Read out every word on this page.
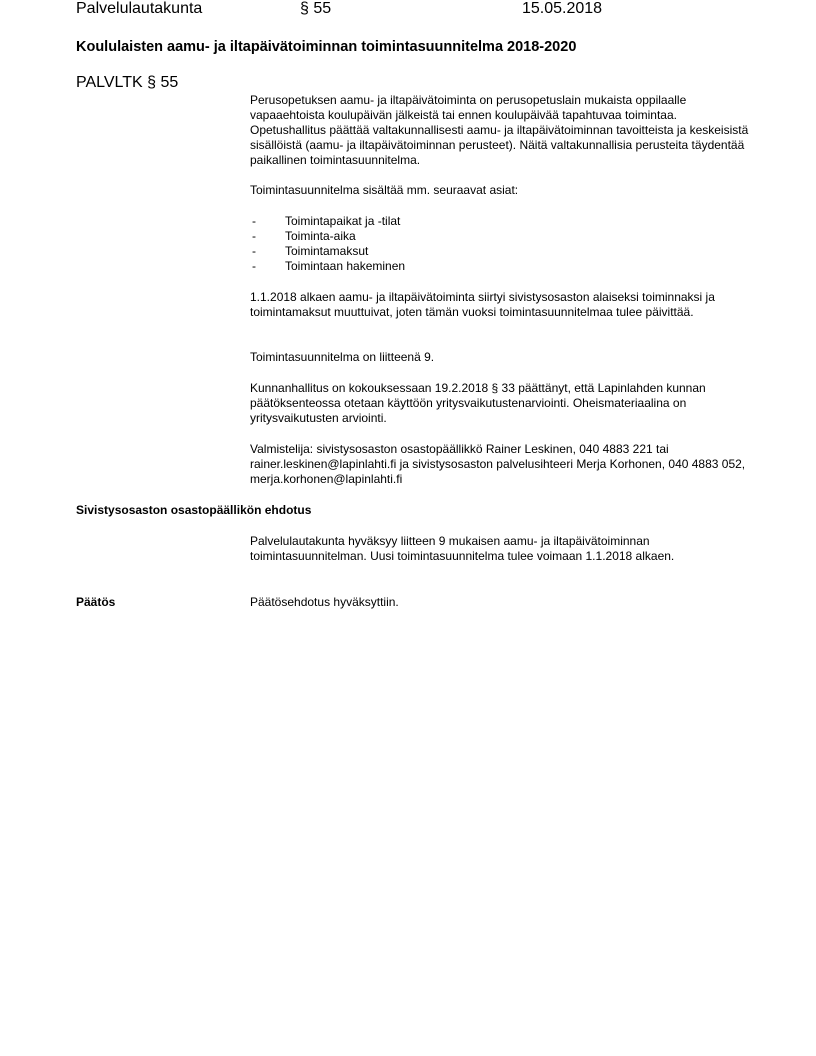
Palvelulautakunta	§ 55	15.05.2018
Koululaisten aamu- ja iltapäivätoiminnan toimintasuunnitelma 2018-2020
PALVLTK § 55

Perusopetuksen aamu- ja iltapäivätoiminta on perusopetuslain mukaista oppilaalle vapaaehtoista koulupäivän jälkeistä tai ennen koulupäivää tapahtuvaa toimintaa. Opetushallitus päättää valtakunnallisesti aamu- ja iltapäivätoiminnan tavoitteista ja keskeisistä sisällöistä (aamu- ja iltapäivätoiminnan perusteet). Näitä valtakunnallisia perusteita täydentää paikallinen toimintasuunnitelma.

Toimintasuunnitelma sisältää mm. seuraavat asiat:

- Toimintapaikat ja -tilat
- Toiminta-aika
- Toimintamaksut
- Toimintaan hakeminen

1.1.2018 alkaen aamu- ja iltapäivätoiminta siirtyi sivistysosaston alaiseksi toiminnaksi ja toimintamaksut muuttuivat, joten tämän vuoksi toimintasuunnitelmaa tulee päivittää.

Toimintasuunnitelma on liitteenä 9.

Kunnanhallitus on kokouksessaan 19.2.2018 § 33 päättänyt, että Lapinlahden kunnan päätöksenteossa otetaan käyttöön yritysvaikutustenarviointi. Oheismateriaalina on yritysvaikutusten arviointi.

Valmistelija: sivistysosaston osastopäällikkö Rainer Leskinen, 040 4883 221 tai rainer.leskinen@lapinlahti.fi ja sivistysosaston palvelusihteeri Merja Korhonen, 040 4883 052, merja.korhonen@lapinlahti.fi

Sivistysosaston osastopäällikön ehdotus

Palvelulautakunta hyväksyy liitteen 9 mukaisen aamu- ja iltapäivätoiminnan toimintasuunnitelman. Uusi toimintasuunnitelma tulee voimaan 1.1.2018 alkaen.

Päätös	Päätösehdotus hyväksyttiin.
